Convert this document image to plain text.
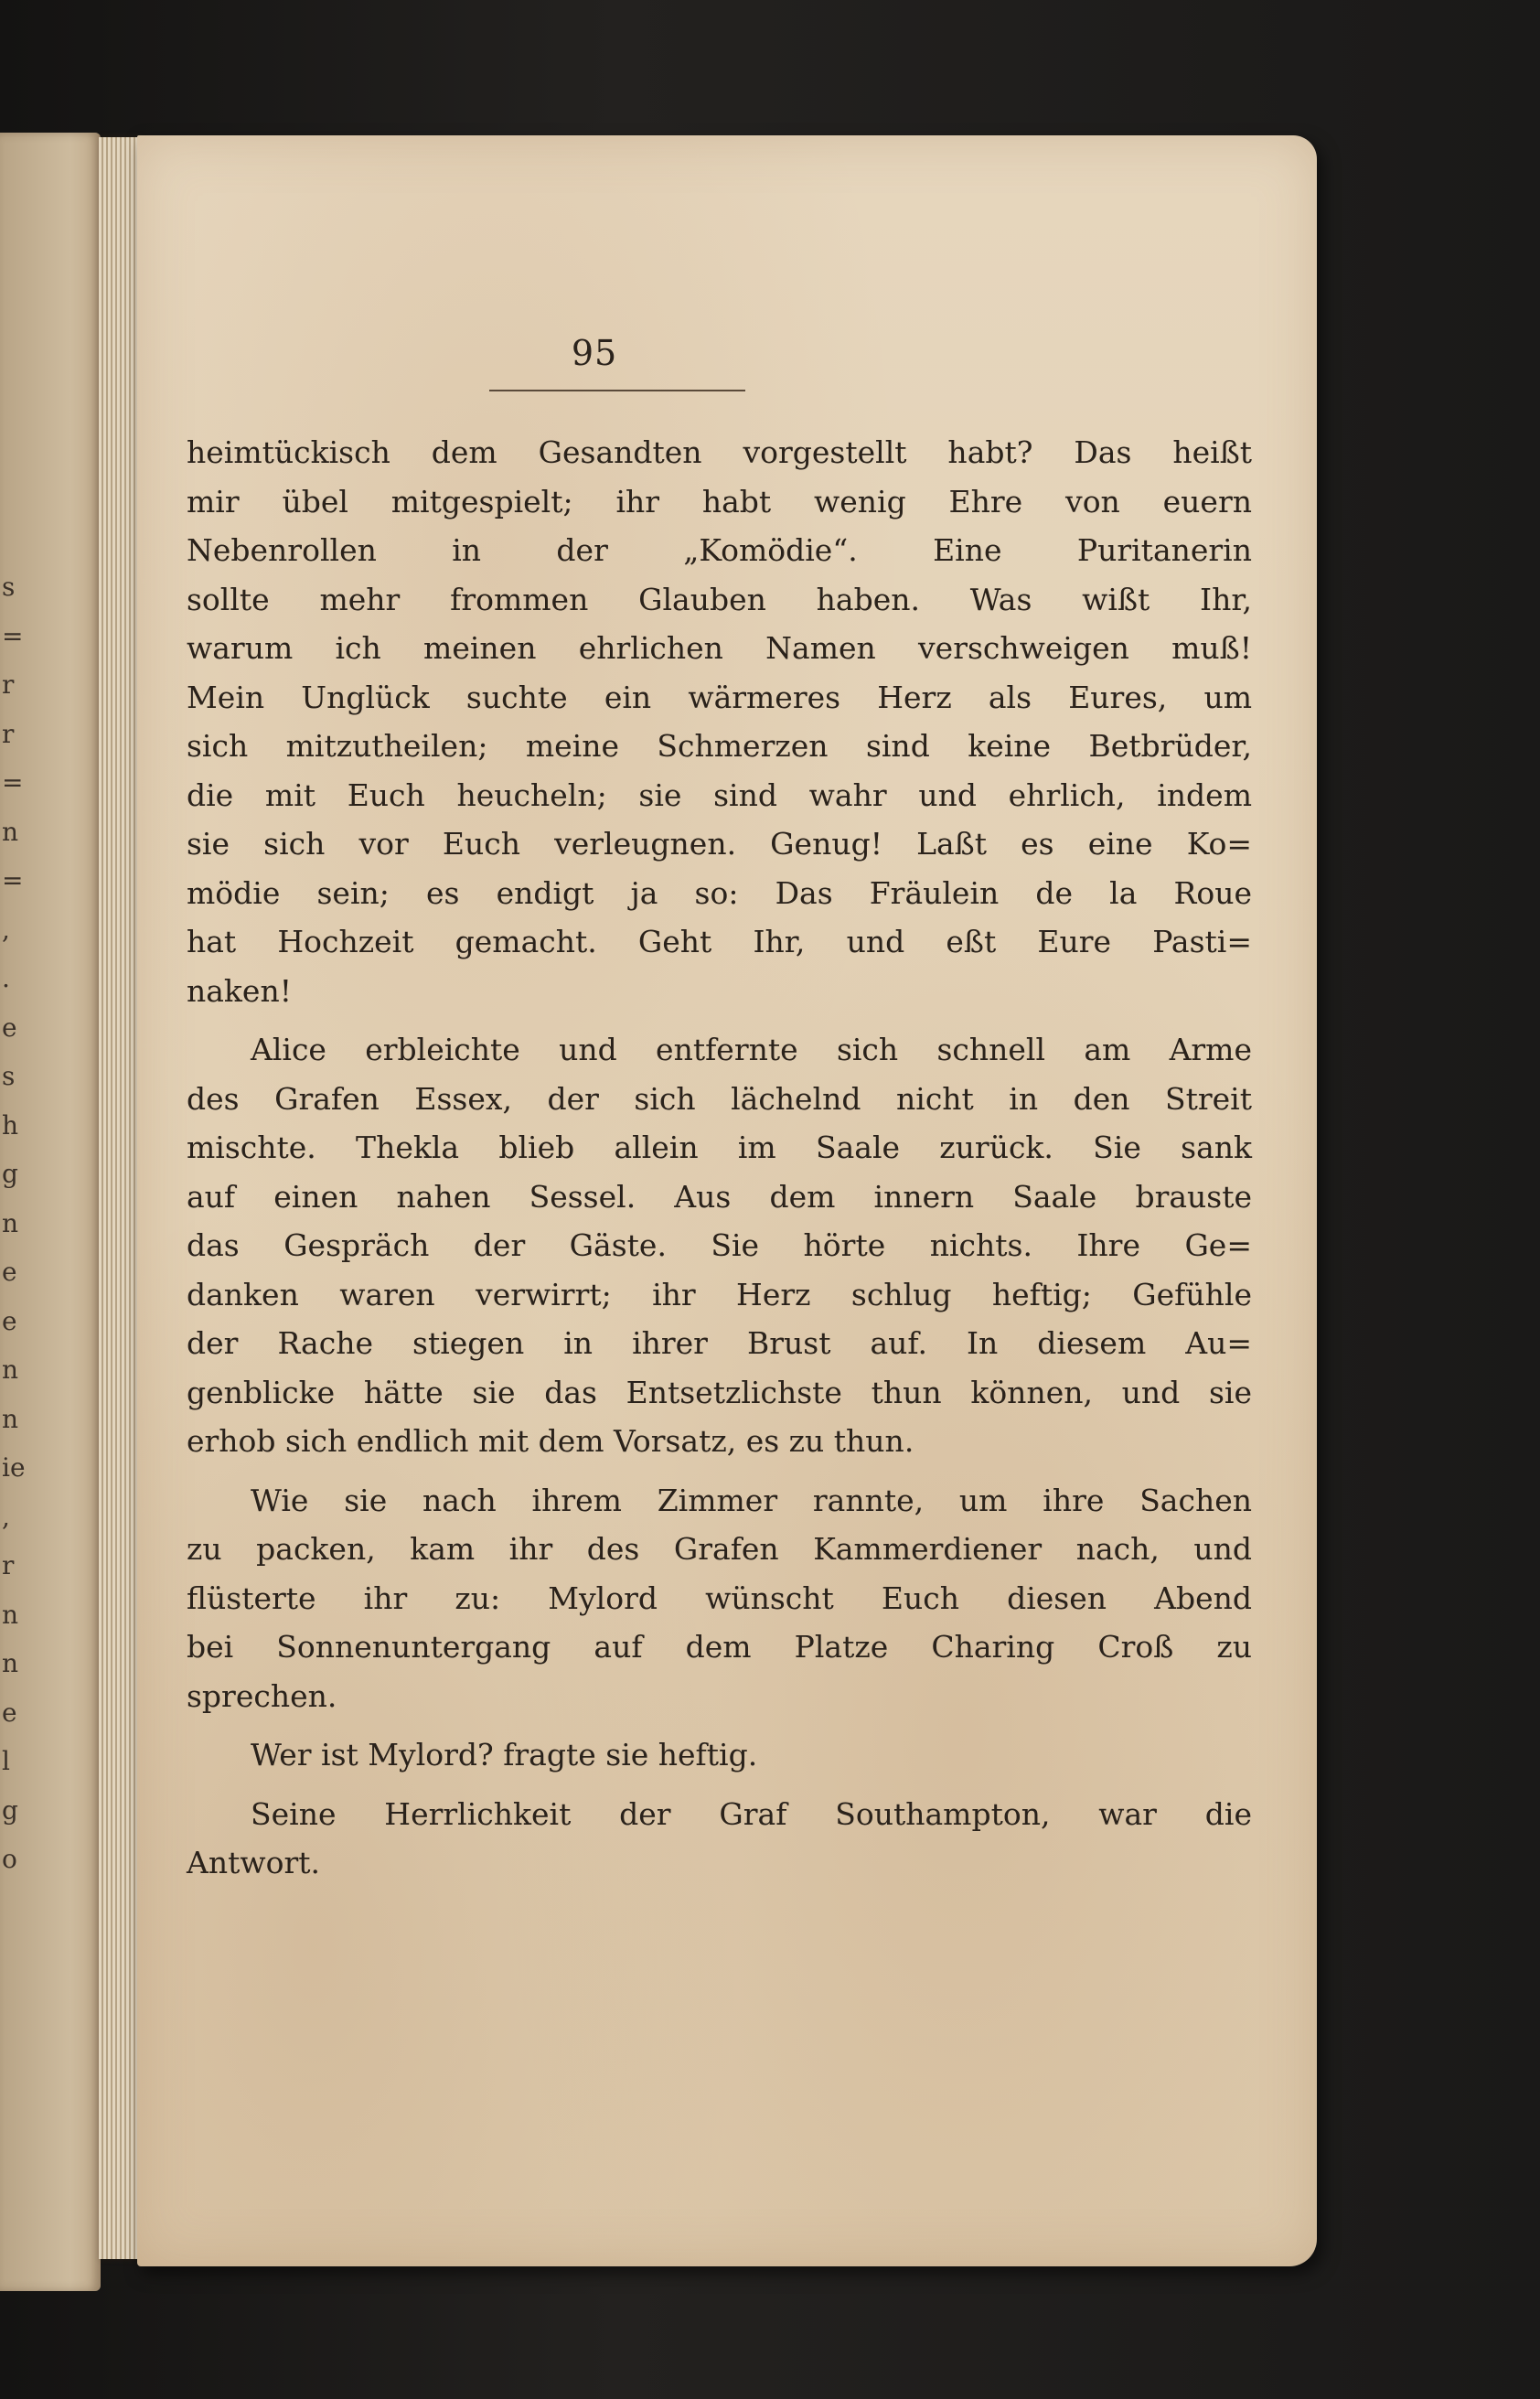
s
=
r
r
=
n
=
,
.
e
s
h
g
n
e
e
n
n
ie
,
r
n
n
e
l
g
o
95
heimtückisch dem Gesandten vorgestellt habt? Das heißt
mir übel mitgespielt; ihr habt wenig Ehre von euern
Nebenrollen in der „Komödie“. Eine Puritanerin
sollte mehr frommen Glauben haben. Was wißt Ihr,
warum ich meinen ehrlichen Namen verschweigen muß!
Mein Unglück suchte ein wärmeres Herz als Eures, um
sich mitzutheilen; meine Schmerzen sind keine Betbrüder,
die mit Euch heucheln; sie sind wahr und ehrlich, indem
sie sich vor Euch verleugnen. Genug! Laßt es eine Ko=
mödie sein; es endigt ja so: Das Fräulein de la Roue
hat Hochzeit gemacht. Geht Ihr, und eßt Eure Pasti=
naken!
Alice erbleichte und entfernte sich schnell am Arme
des Grafen Essex, der sich lächelnd nicht in den Streit
mischte. Thekla blieb allein im Saale zurück. Sie sank
auf einen nahen Sessel. Aus dem innern Saale brauste
das Gespräch der Gäste. Sie hörte nichts. Ihre Ge=
danken waren verwirrt; ihr Herz schlug heftig; Gefühle
der Rache stiegen in ihrer Brust auf. In diesem Au=
genblicke hätte sie das Entsetzlichste thun können, und sie
erhob sich endlich mit dem Vorsatz, es zu thun.
Wie sie nach ihrem Zimmer rannte, um ihre Sachen
zu packen, kam ihr des Grafen Kammerdiener nach, und
flüsterte ihr zu: Mylord wünscht Euch diesen Abend
bei Sonnenuntergang auf dem Platze Charing Croß zu
sprechen.
Wer ist Mylord? fragte sie heftig.
Seine Herrlichkeit der Graf Southampton, war die
Antwort.
